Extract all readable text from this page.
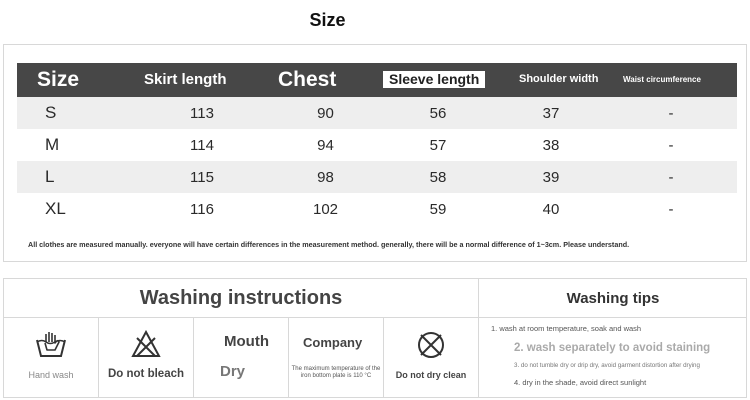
Size
Size	Skirt length	Chest	Sleeve length	Shoulder width	Waist circumference
S	113	90	56	37	-
M	114	94	57	38	-
L	115	98	58	39	-
XL	116	102	59	40	-
All clothes are measured manually. everyone will have certain differences in the measurement method. generally, there will be a normal difference of 1~3cm. Please understand.
Washing instructions	Washing tips
Hand wash	Do not bleach
Mouth
Dry
Company
The maximum temperature of the iron bottom plate is 110 °C	Do not dry clean
1. wash at room temperature, soak and wash
2. wash separately to avoid staining
3. do not tumble dry or drip dry, avoid garment distortion after drying
4. dry in the shade, avoid direct sunlight
